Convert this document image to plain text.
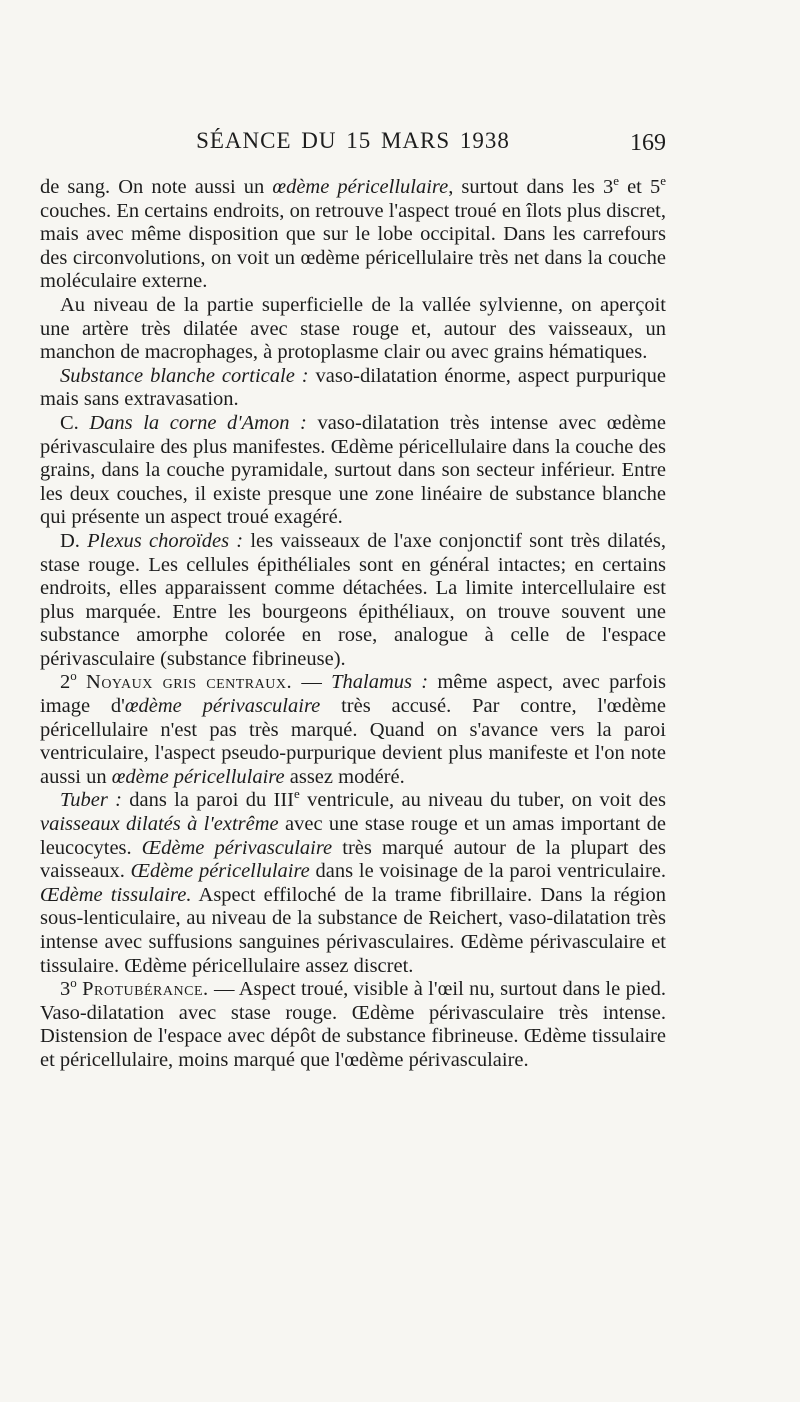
SÉANCE DU 15 MARS 1938	169

de sang. On note aussi un œdème péricellulaire, surtout dans les 3e et 5e couches. En certains endroits, on retrouve l'aspect troué en îlots plus discret, mais avec même disposition que sur le lobe occipital. Dans les carrefours des circonvolutions, on voit un œdème péricellulaire très net dans la couche moléculaire externe.

Au niveau de la partie superficielle de la vallée sylvienne, on aperçoit une artère très dilatée avec stase rouge et, autour des vaisseaux, un manchon de macrophages, à protoplasme clair ou avec grains hématiques.

Substance blanche corticale : vaso-dilatation énorme, aspect purpurique mais sans extravasation.

C. Dans la corne d'Amon : vaso-dilatation très intense avec œdème périvasculaire des plus manifestes. Œdème péricellulaire dans la couche des grains, dans la couche pyramidale, surtout dans son secteur inférieur. Entre les deux couches, il existe presque une zone linéaire de substance blanche qui présente un aspect troué exagéré.

D. Plexus choroïdes : les vaisseaux de l'axe conjonctif sont très dilatés, stase rouge. Les cellules épithéliales sont en général intactes; en certains endroits, elles apparaissent comme détachées. La limite intercellulaire est plus marquée. Entre les bourgeons épithéliaux, on trouve souvent une substance amorphe colorée en rose, analogue à celle de l'espace périvasculaire (substance fibrineuse).

2$^o$ Noyaux gris centraux. — Thalamus : même aspect, avec parfois image d'œdème périvasculaire très accusé. Par contre, l'œdème péricellulaire n'est pas très marqué. Quand on s'avance vers la paroi ventriculaire, l'aspect pseudo-purpurique devient plus manifeste et l'on note aussi un œdème péricellulaire assez modéré.

Tuber : dans la paroi du IIIe ventricule, au niveau du tuber, on voit des vaisseaux dilatés à l'extrême avec une stase rouge et un amas important de leucocytes. Œdème périvasculaire très marqué autour de la plupart des vaisseaux. Œdème péricellulaire dans le voisinage de la paroi ventriculaire. Œdème tissulaire. Aspect effiloché de la trame fibrillaire. Dans la région sous-lenticulaire, au niveau de la substance de Reichert, vaso-dilatation très intense avec suffusions sanguines périvasculaires. Œdème périvasculaire et tissulaire. Œdème péricellulaire assez discret.

3$^o$ Protubérance. — Aspect troué, visible à l'œil nu, surtout dans le pied. Vaso-dilatation avec stase rouge. Œdème périvasculaire très intense. Distension de l'espace avec dépôt de substance fibrineuse. Œdème tissulaire et péricellulaire, moins marqué que l'œdème périvasculaire.
